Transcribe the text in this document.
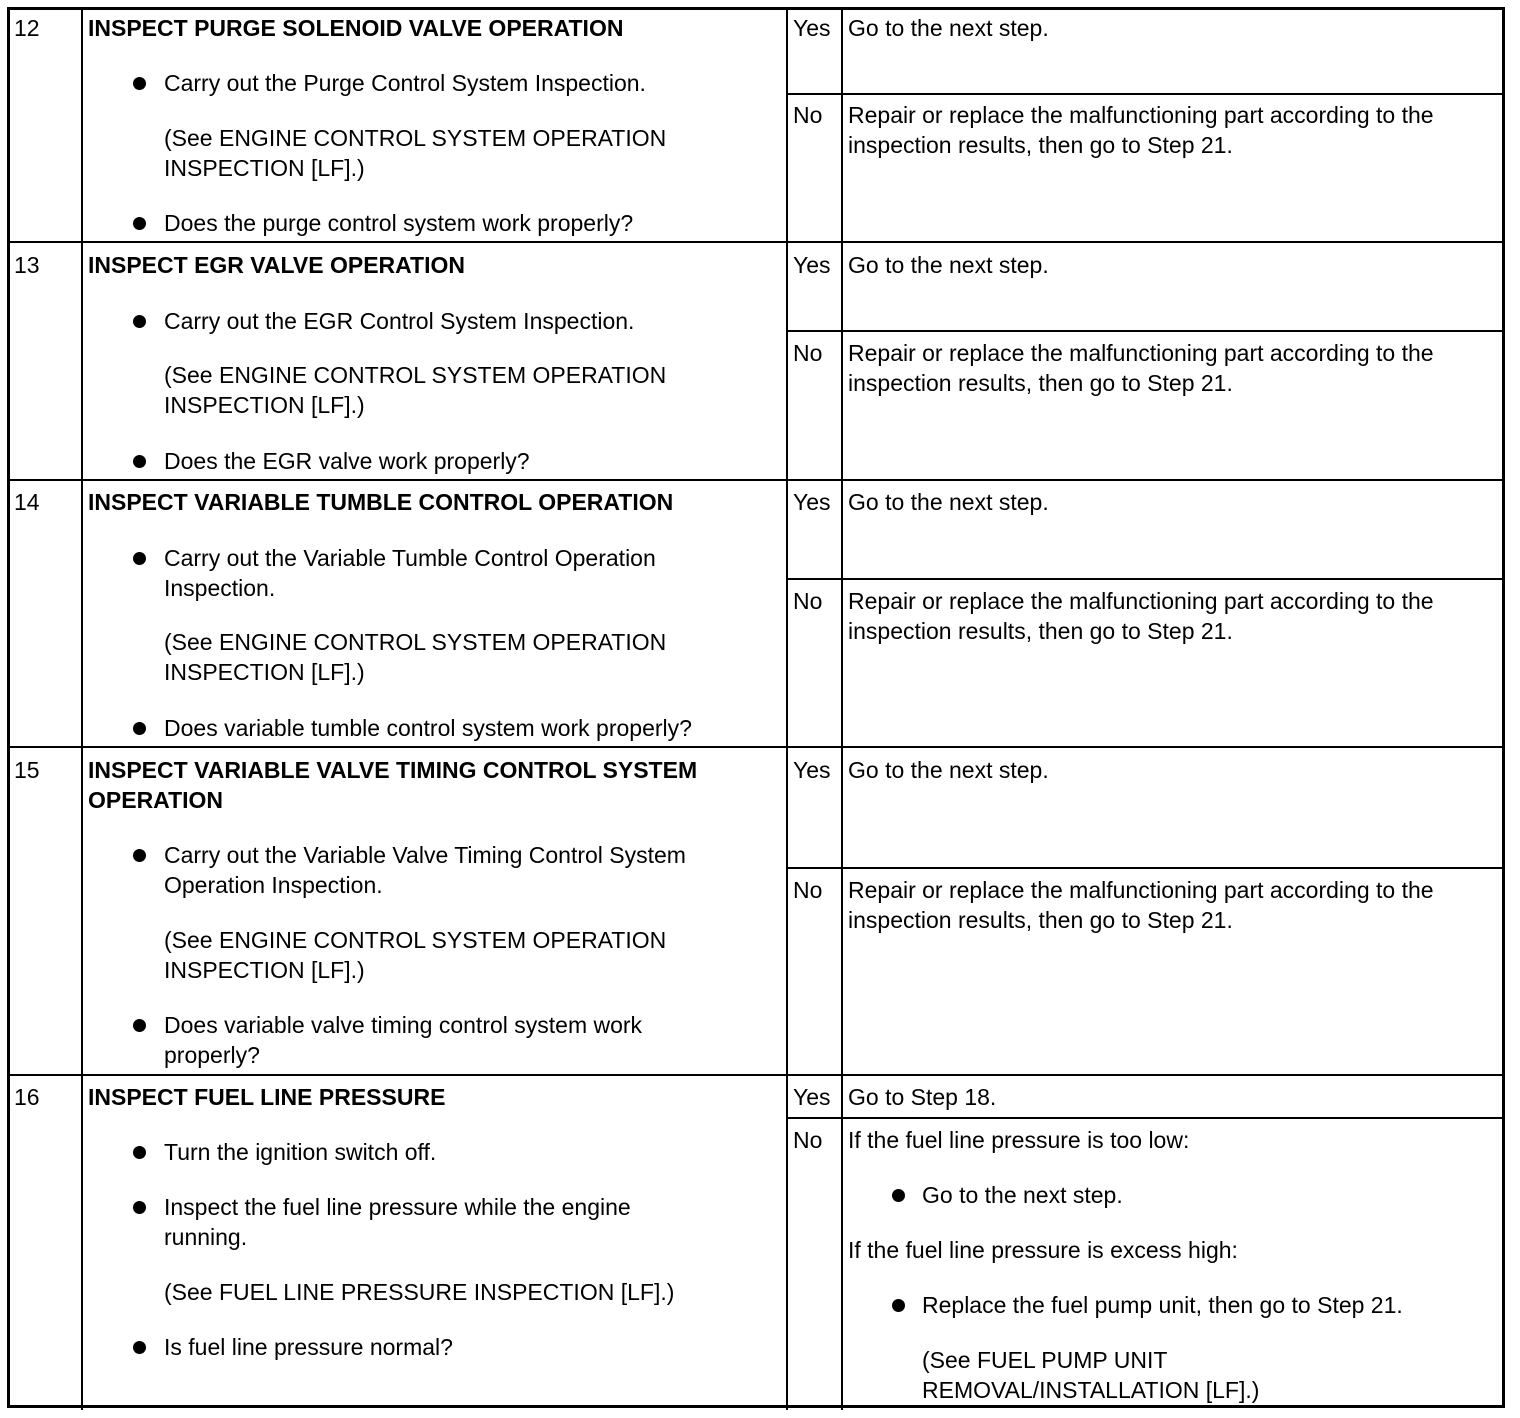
12 INSPECT PURGE SOLENOID VALVE OPERATION
Carry out the Purge Control System Inspection.
(See ENGINE CONTROL SYSTEM OPERATION
INSPECTION [LF].)
Does the purge control system work properly?
Yes Go to the next step.
No Repair or replace the malfunctioning part according to the
inspection results, then go to Step 21.
13 INSPECT EGR VALVE OPERATION
Carry out the EGR Control System Inspection.
(See ENGINE CONTROL SYSTEM OPERATION
INSPECTION [LF].)
Does the EGR valve work properly?
Yes Go to the next step.
No Repair or replace the malfunctioning part according to the
inspection results, then go to Step 21.
14 INSPECT VARIABLE TUMBLE CONTROL OPERATION
Carry out the Variable Tumble Control Operation
Inspection.
(See ENGINE CONTROL SYSTEM OPERATION
INSPECTION [LF].)
Does variable tumble control system work properly?
Yes Go to the next step.
No Repair or replace the malfunctioning part according to the
inspection results, then go to Step 21.
15 INSPECT VARIABLE VALVE TIMING CONTROL SYSTEM
OPERATION
Carry out the Variable Valve Timing Control System
Operation Inspection.
(See ENGINE CONTROL SYSTEM OPERATION
INSPECTION [LF].)
Does variable valve timing control system work
properly?
Yes Go to the next step.
No Repair or replace the malfunctioning part according to the
inspection results, then go to Step 21.
16 INSPECT FUEL LINE PRESSURE
Turn the ignition switch off.
Inspect the fuel line pressure while the engine
running.
(See FUEL LINE PRESSURE INSPECTION [LF].)
Is fuel line pressure normal?
Yes Go to Step 18.
No If the fuel line pressure is too low:
Go to the next step.
If the fuel line pressure is excess high:
Replace the fuel pump unit, then go to Step 21.
(See FUEL PUMP UNIT
REMOVAL/INSTALLATION [LF].)
